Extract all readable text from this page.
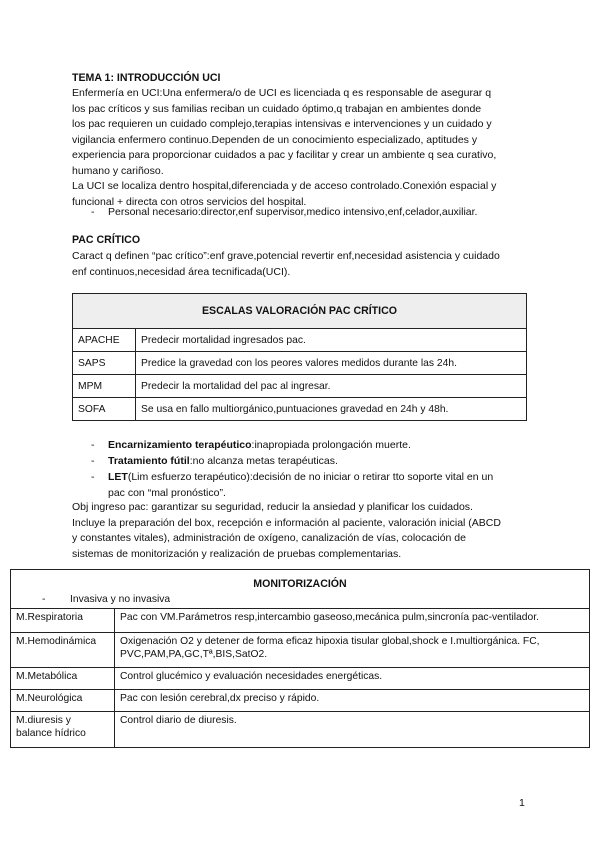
TEMA 1: INTRODUCCIÓN UCI
Enfermería en UCI:Una enfermera/o de UCI es licenciada q es responsable de asegurar q
los pac críticos y sus familias reciban un cuidado óptimo,q trabajan en ambientes donde
los pac requieren un cuidado complejo,terapias intensivas e intervenciones y un cuidado y
vigilancia enfermero continuo.Dependen de un conocimiento especializado, aptitudes y
experiencia para proporcionar cuidados a pac y facilitar y crear un ambiente q sea curativo,
humano y cariñoso.
La UCI se localiza dentro hospital,diferenciada y de acceso controlado.Conexión espacial y
funcional + directa con otros servicios del hospital.
- Personal necesario:director,enf supervisor,medico intensivo,enf,celador,auxiliar.
PAC CRÍTICO
Caract q definen “pac crítico”:enf grave,potencial revertir enf,necesidad asistencia y cuidado
enf continuos,necesidad área tecnificada(UCI).
ESCALAS VALORACIÓN PAC CRÍTICO	
APACHE	Predecir mortalidad ingresados pac.
SAPS	Predice la gravedad con los peores valores medidos durante las 24h.
MPM	Predecir la mortalidad del pac al ingresar.
SOFA	Se usa en fallo multiorgánico,puntuaciones gravedad en 24h y 48h.
- Encarnizamiento terapéutico:inapropiada prolongación muerte.
- Tratamiento fútil:no alcanza metas terapéuticas.
- LET(Lim esfuerzo terapéutico):decisión de no iniciar o retirar tto soporte vital en un
pac con “mal pronóstico”.
Obj ingreso pac: garantizar su seguridad, reducir la ansiedad y planificar los cuidados.
Incluye la preparación del box, recepción e información al paciente, valoración inicial (ABCD
y constantes vitales), administración de oxígeno, canalización de vías, colocación de
sistemas de monitorización y realización de pruebas complementarias.
MONITORIZACIÓN
- Invasiva y no invasiva	

M.Respiratoria	Pac con VM.Parámetros resp,intercambio gaseoso,mecánica pulm,sincronía pac-ventilador.
M.Hemodinámica	Oxigenación O2 y detener de forma eficaz hipoxia tisular global,shock e I.multiorgánica. FC, PVC,PAM,PA,GC,Tª,BIS,SatO2.
M.Metabólica	Control glucémico y evaluación necesidades energéticas.
M.Neurológica	Pac con lesión cerebral,dx preciso y rápido.
M.diuresis y balance hídrico	Control diario de diuresis.
1
